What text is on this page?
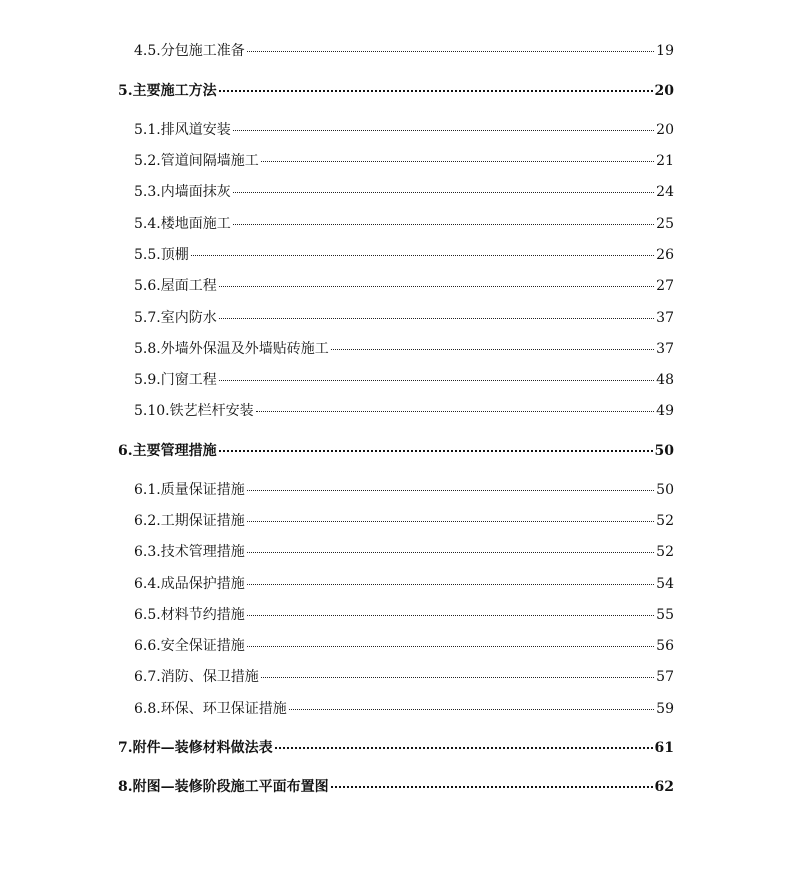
4.5.分包施工准备	19
5.主要施工方法	20
5.1.排风道安装	20
5.2.管道间隔墙施工	21
5.3.内墙面抹灰	24
5.4.楼地面施工	25
5.5.顶棚	26
5.6.屋面工程	27
5.7.室内防水	37
5.8.外墙外保温及外墙贴砖施工	37
5.9.门窗工程	48
5.10.铁艺栏杆安装	49
6.主要管理措施	50
6.1.质量保证措施	50
6.2.工期保证措施	52
6.3.技术管理措施	52
6.4.成品保护措施	54
6.5.材料节约措施	55
6.6.安全保证措施	56
6.7.消防、保卫措施	57
6.8.环保、环卫保证措施	59
7.附件—装修材料做法表	61
8.附图—装修阶段施工平面布置图	62
